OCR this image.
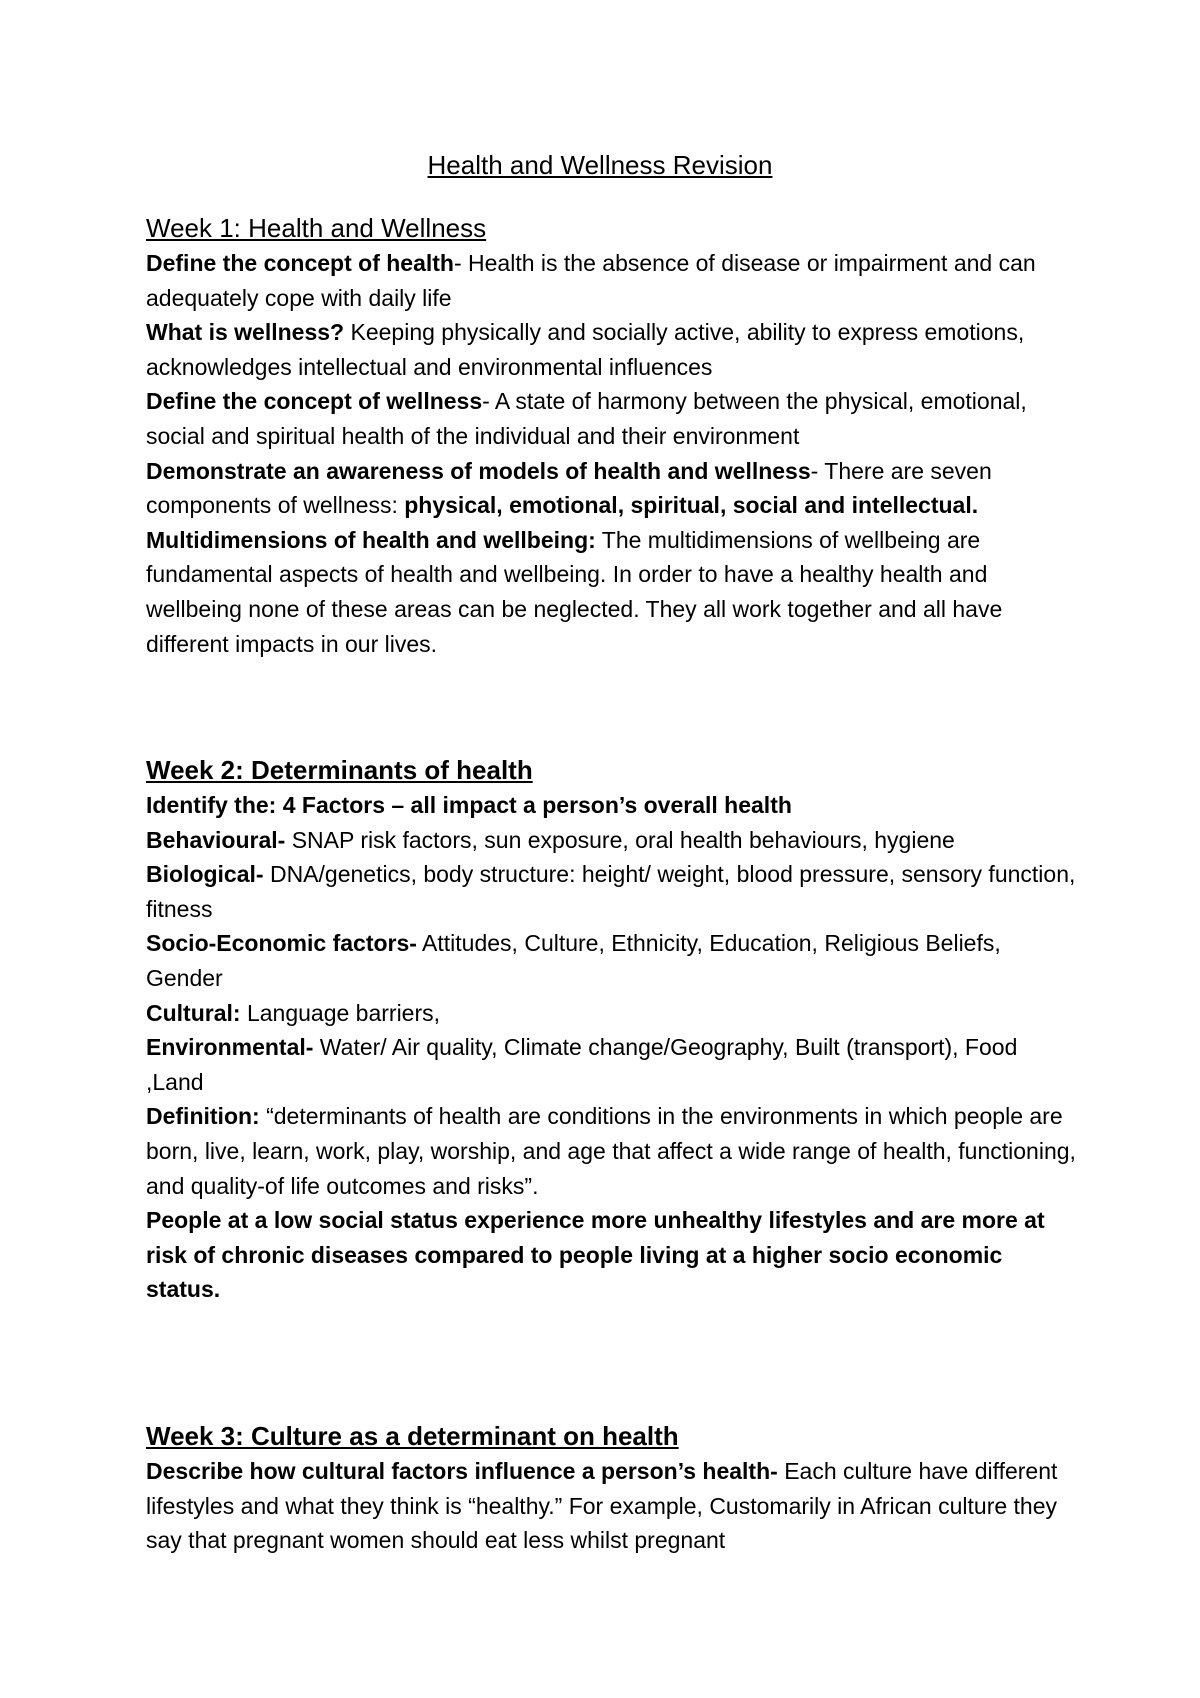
Health and Wellness Revision

Week 1: Health and Wellness

Define the concept of health- Health is the absence of disease or impairment and can adequately cope with daily life

What is wellness? Keeping physically and socially active, ability to express emotions, acknowledges intellectual and environmental influences

Define the concept of wellness- A state of harmony between the physical, emotional, social and spiritual health of the individual and their environment

Demonstrate an awareness of models of health and wellness- There are seven components of wellness: physical, emotional, spiritual, social and intellectual.

Multidimensions of health and wellbeing: The multidimensions of wellbeing are fundamental aspects of health and wellbeing. In order to have a healthy health and wellbeing none of these areas can be neglected. They all work together and all have different impacts in our lives.

Week 2: Determinants of health

Identify the: 4 Factors – all impact a person’s overall health

Behavioural- SNAP risk factors, sun exposure, oral health behaviours, hygiene

Biological- DNA/genetics, body structure: height/ weight, blood pressure, sensory function, fitness

Socio-Economic factors- Attitudes, Culture, Ethnicity, Education, Religious Beliefs, Gender

Cultural: Language barriers,

Environmental- Water/ Air quality, Climate change/Geography, Built (transport), Food ,Land

Definition: “determinants of health are conditions in the environments in which people are born, live, learn, work, play, worship, and age that affect a wide range of health, functioning, and quality-of life outcomes and risks”.

People at a low social status experience more unhealthy lifestyles and are more at risk of chronic diseases compared to people living at a higher socio economic status.

Week 3: Culture as a determinant on health

Describe how cultural factors influence a person’s health- Each culture have different lifestyles and what they think is “healthy.” For example, Customarily in African culture they say that pregnant women should eat less whilst pregnant
